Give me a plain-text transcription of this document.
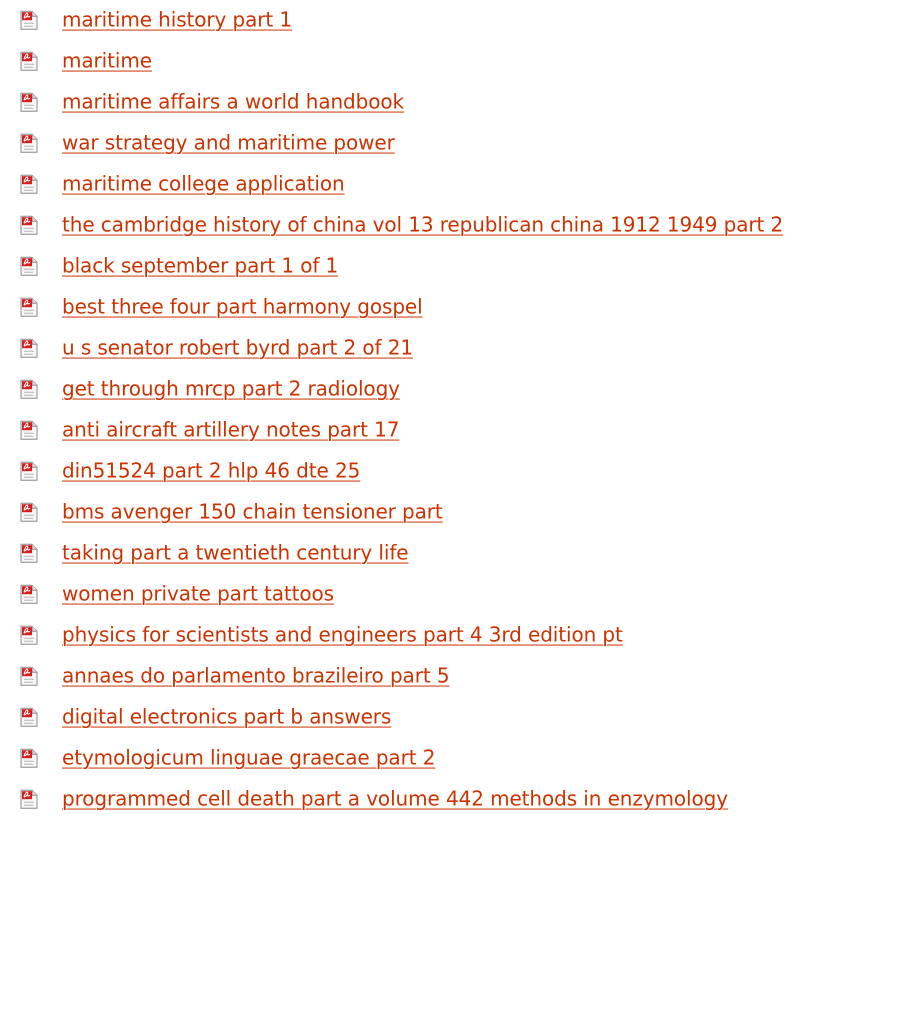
maritime history part 1
maritime
maritime affairs a world handbook
war strategy and maritime power
maritime college application
the cambridge history of china vol 13 republican china 1912 1949 part 2
black september part 1 of 1
best three four part harmony gospel
u s senator robert byrd part 2 of 21
get through mrcp part 2 radiology
anti aircraft artillery notes part 17
din51524 part 2 hlp 46 dte 25
bms avenger 150 chain tensioner part
taking part a twentieth century life
women private part tattoos
physics for scientists and engineers part 4 3rd edition pt
annaes do parlamento brazileiro part 5
digital electronics part b answers
etymologicum linguae graecae part 2
programmed cell death part a volume 442 methods in enzymology
